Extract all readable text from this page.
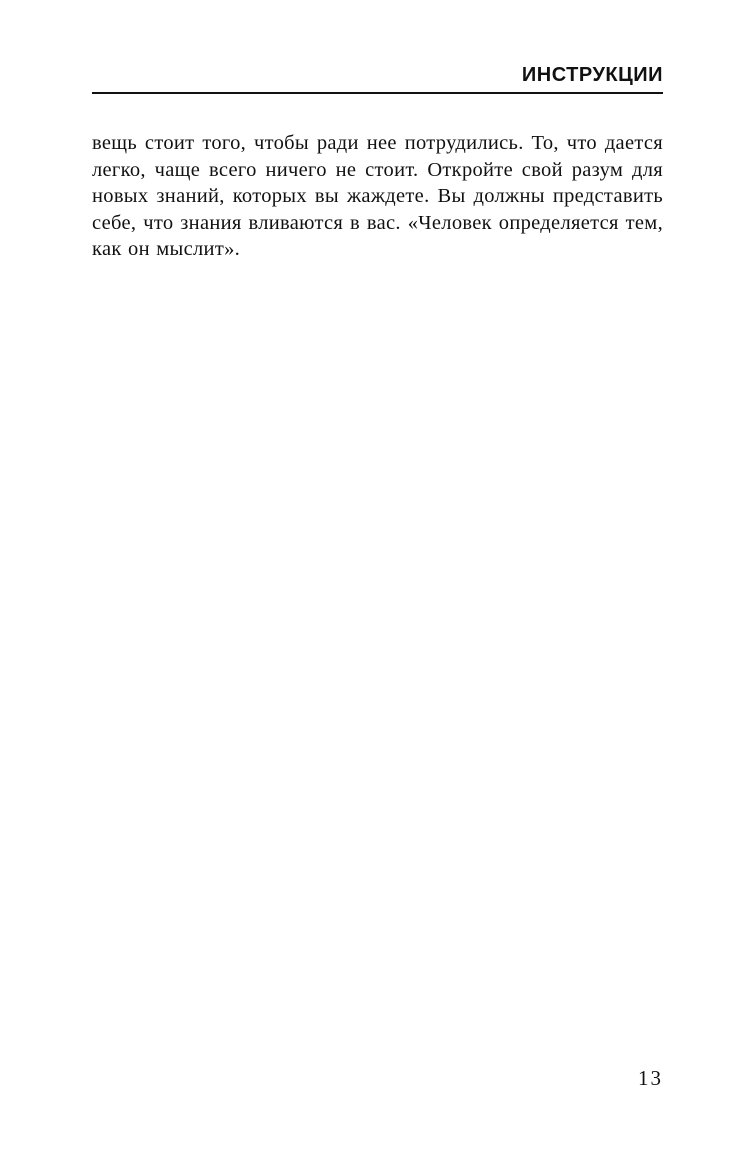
ИНСТРУКЦИИ

вещь стоит того, чтобы ради нее потрудились. То, что дается легко, чаще всего ничего не стоит. Откройте свой разум для новых знаний, которых вы жаждете. Вы должны представить себе, что знания вливаются в вас. «Человек определяется тем, как он мыслит».

13
